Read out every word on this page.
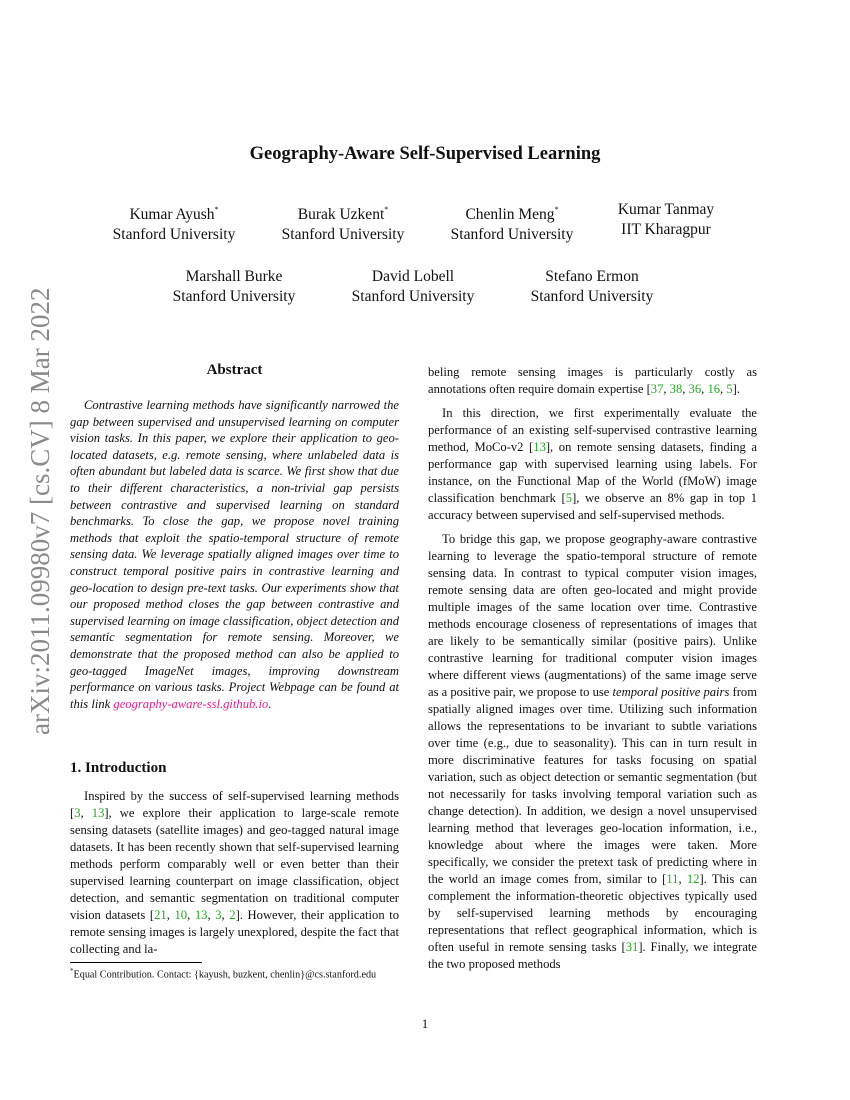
arXiv:2011.09980v7 [cs.CV] 8 Mar 2022
Geography-Aware Self-Supervised Learning
Kumar Ayush*
Stanford University
Burak Uzkent*
Stanford University
Chenlin Meng*
Stanford University
Kumar Tanmay
IIT Kharagpur
Marshall Burke
Stanford University
David Lobell
Stanford University
Stefano Ermon
Stanford University
Abstract

Contrastive learning methods have significantly narrowed the gap between supervised and unsupervised learning on computer vision tasks. In this paper, we explore their application to geo-located datasets, e.g. remote sensing, where unlabeled data is often abundant but labeled data is scarce. We first show that due to their different characteristics, a non-trivial gap persists between contrastive and supervised learning on standard benchmarks. To close the gap, we propose novel training methods that exploit the spatio-temporal structure of remote sensing data. We leverage spatially aligned images over time to construct temporal positive pairs in contrastive learning and geo-location to design pre-text tasks. Our experiments show that our proposed method closes the gap between contrastive and supervised learning on image classification, object detection and semantic segmentation for remote sensing. Moreover, we demonstrate that the proposed method can also be applied to geo-tagged ImageNet images, improving downstream performance on various tasks. Project Webpage can be found at this link geography-aware-ssl.github.io.

1. Introduction

Inspired by the success of self-supervised learning methods [3, 13], we explore their application to large-scale remote sensing datasets (satellite images) and geo-tagged natural image datasets. It has been recently shown that self-supervised learning methods perform comparably well or even better than their supervised learning counterpart on image classification, object detection, and semantic segmentation on traditional computer vision datasets [21, 10, 13, 3, 2]. However, their application to remote sensing images is largely unexplored, despite the fact that collecting and la-

*Equal Contribution. Contact: {kayush, buzkent, chenlin}@cs.stanford.edu

beling remote sensing images is particularly costly as annotations often require domain expertise [37, 38, 36, 16, 5].

In this direction, we first experimentally evaluate the performance of an existing self-supervised contrastive learning method, MoCo-v2 [13], on remote sensing datasets, finding a performance gap with supervised learning using labels. For instance, on the Functional Map of the World (fMoW) image classification benchmark [5], we observe an 8% gap in top 1 accuracy between supervised and self-supervised methods.

To bridge this gap, we propose geography-aware contrastive learning to leverage the spatio-temporal structure of remote sensing data. In contrast to typical computer vision images, remote sensing data are often geo-located and might provide multiple images of the same location over time. Contrastive methods encourage closeness of representations of images that are likely to be semantically similar (positive pairs). Unlike contrastive learning for traditional computer vision images where different views (augmentations) of the same image serve as a positive pair, we propose to use temporal positive pairs from spatially aligned images over time. Utilizing such information allows the representations to be invariant to subtle variations over time (e.g., due to seasonality). This can in turn result in more discriminative features for tasks focusing on spatial variation, such as object detection or semantic segmentation (but not necessarily for tasks involving temporal variation such as change detection). In addition, we design a novel unsupervised learning method that leverages geo-location information, i.e., knowledge about where the images were taken. More specifically, we consider the pretext task of predicting where in the world an image comes from, similar to [11, 12]. This can complement the information-theoretic objectives typically used by self-supervised learning methods by encouraging representations that reflect geographical information, which is often useful in remote sensing tasks [31]. Finally, we integrate the two proposed methods

1
